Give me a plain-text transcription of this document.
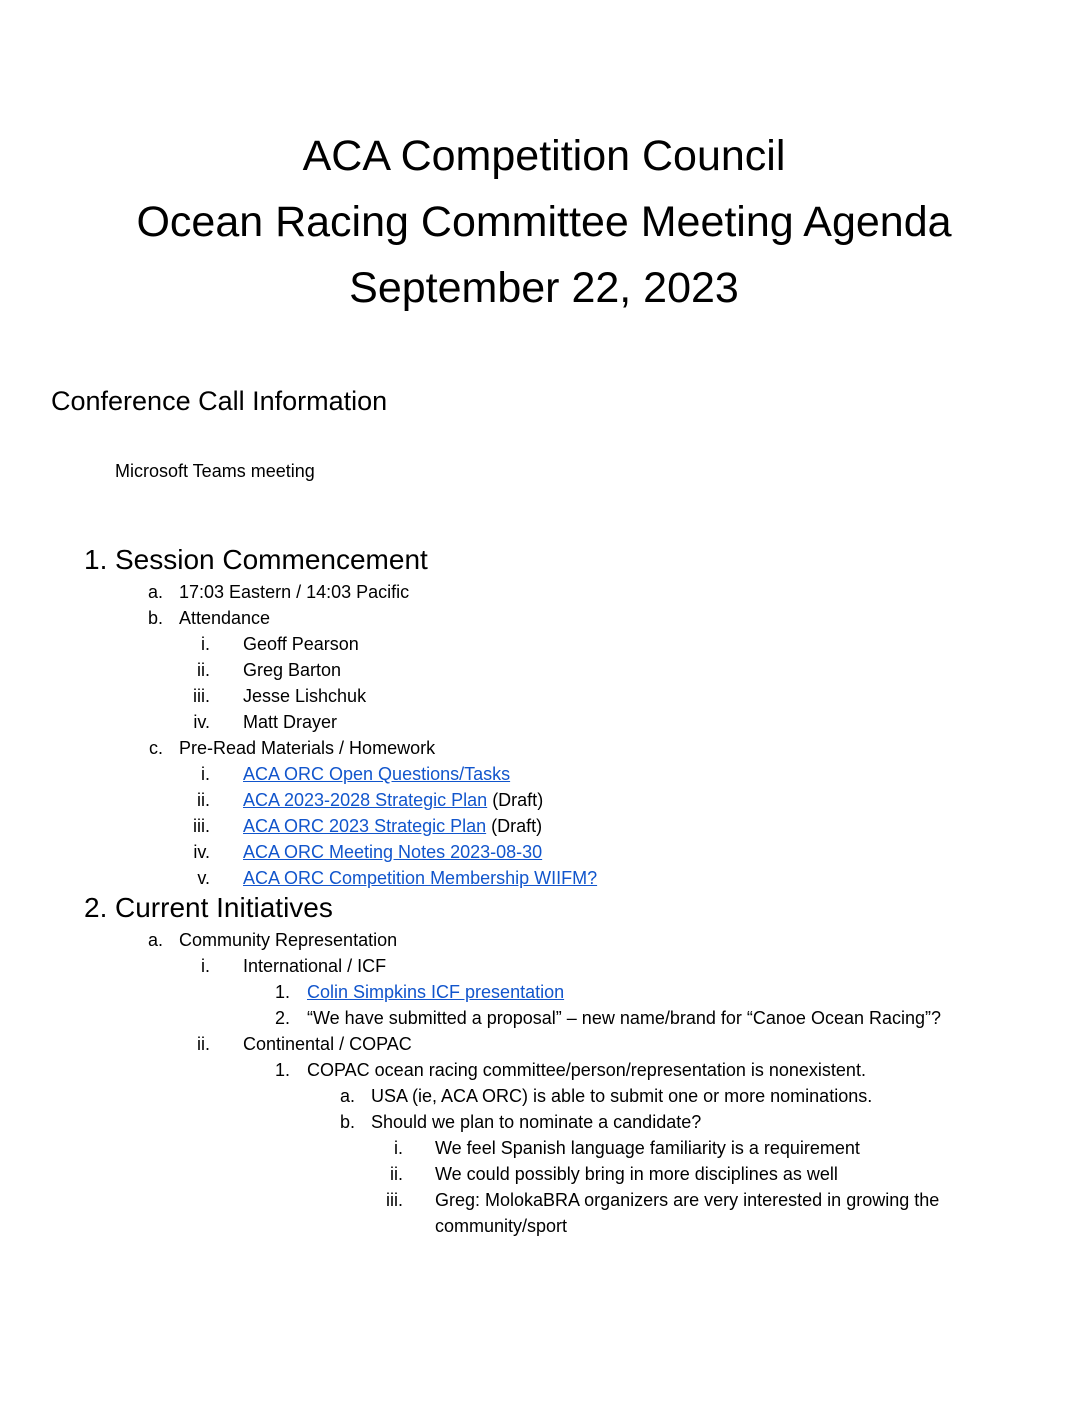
ACA Competition Council
Ocean Racing Committee Meeting Agenda
September 22, 2023
Conference Call Information
Microsoft Teams meeting
1. Session Commencement
a. 17:03 Eastern / 14:03 Pacific
b. Attendance
i. Geoff Pearson
ii. Greg Barton
iii. Jesse Lishchuk
iv. Matt Drayer
c. Pre-Read Materials / Homework
i. ACA ORC Open Questions/Tasks
ii. ACA 2023-2028 Strategic Plan (Draft)
iii. ACA ORC 2023 Strategic Plan (Draft)
iv. ACA ORC Meeting Notes 2023-08-30
v. ACA ORC Competition Membership WIIFM?
2. Current Initiatives
a. Community Representation
i. International / ICF
1. Colin Simpkins ICF presentation
2. “We have submitted a proposal” – new name/brand for “Canoe Ocean Racing”?
ii. Continental / COPAC
1. COPAC ocean racing committee/person/representation is nonexistent.
a. USA (ie, ACA ORC) is able to submit one or more nominations.
b. Should we plan to nominate a candidate?
i. We feel Spanish language familiarity is a requirement
ii. We could possibly bring in more disciplines as well
iii. Greg: MolokaBRA organizers are very interested in growing the
community/sport
